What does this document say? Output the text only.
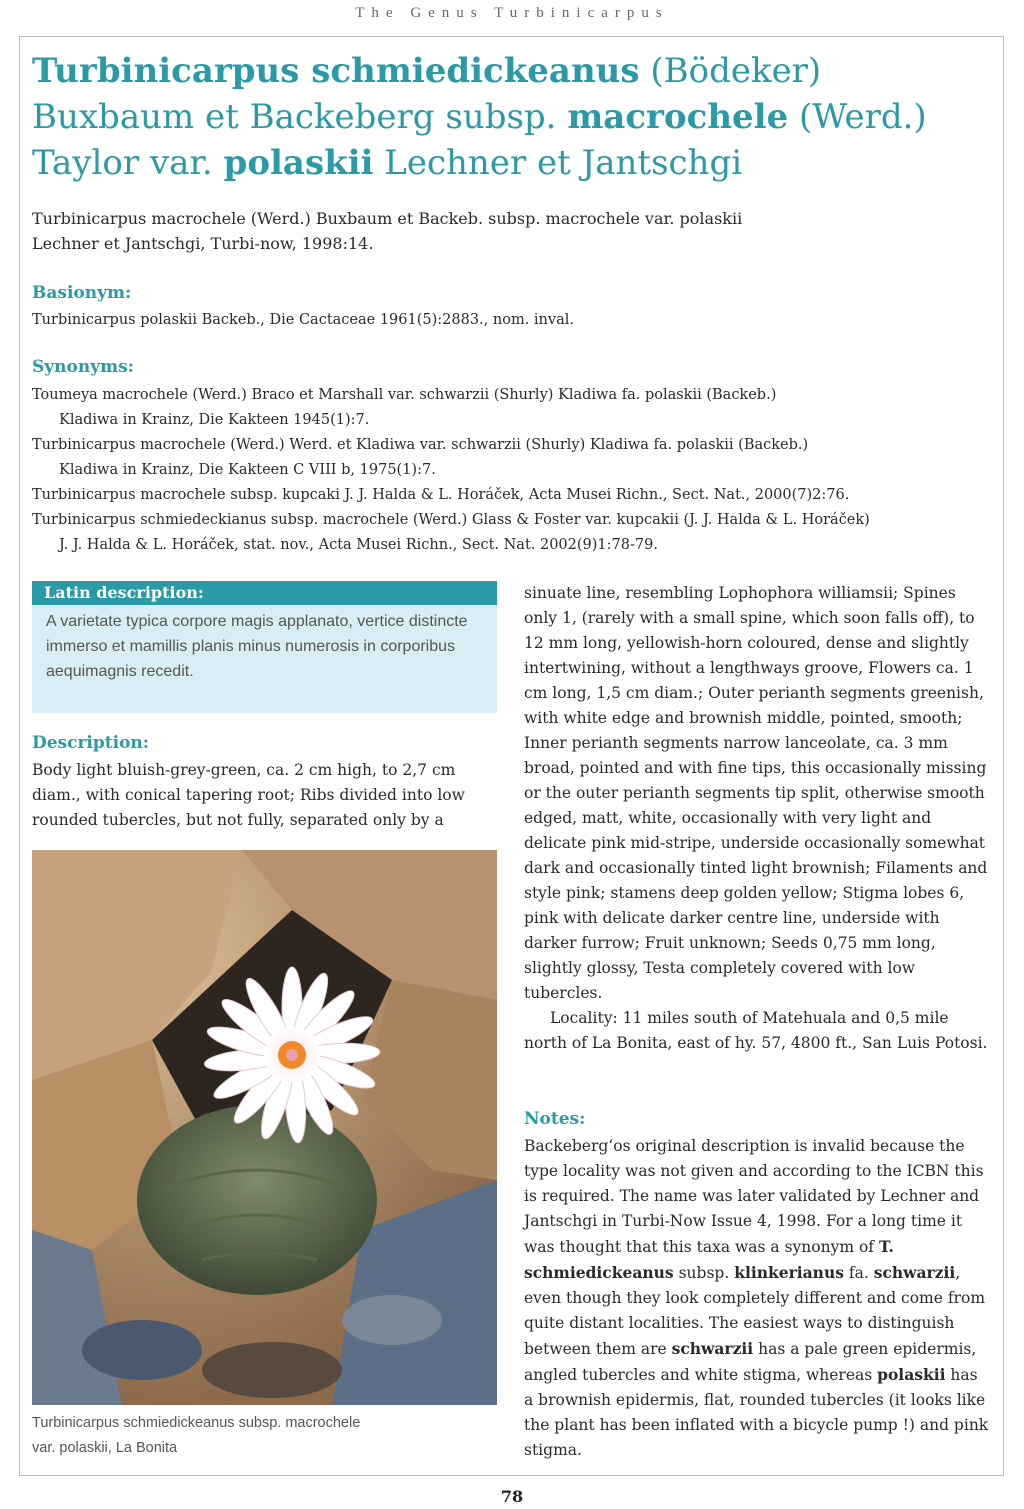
The Genus Turbinicarpus
Turbinicarpus schmiedickeanus (Bödeker)
Buxbaum et Backeberg subsp. macrochele (Werd.)
Taylor var. polaskii Lechner et Jantschgi
Turbinicarpus macrochele (Werd.) Buxbaum et Backeb. subsp. macrochele var. polaskii
Lechner et Jantschgi, Turbi-now, 1998:14.
Basionym:
Turbinicarpus polaskii Backeb., Die Cactaceae 1961(5):2883., nom. inval.
Synonyms:
Toumeya macrochele (Werd.) Braco et Marshall var. schwarzii (Shurly) Kladiwa fa. polaskii (Backeb.)
Kladiwa in Krainz, Die Kakteen 1945(1):7.
Turbinicarpus macrochele (Werd.) Werd. et Kladiwa var. schwarzii (Shurly) Kladiwa fa. polaskii (Backeb.)
Kladiwa in Krainz, Die Kakteen C VIII b, 1975(1):7.
Turbinicarpus macrochele subsp. kupcaki J. J. Halda & L. Horáček, Acta Musei Richn., Sect. Nat., 2000(7)2:76.
Turbinicarpus schmiedeckianus subsp. macrochele (Werd.) Glass & Foster var. kupcakii (J. J. Halda & L. Horáček)
J. J. Halda & L. Horáček, stat. nov., Acta Musei Richn., Sect. Nat. 2002(9)1:78-79.
Latin description:
A varietate typica corpore magis applanato, vertice distincte immerso et mamillis planis minus numerosis in corporibus aequimagnis recedit.
Description:
Body light bluish-grey-green, ca. 2 cm high, to 2,7 cm diam., with conical tapering root; Ribs divided into low rounded tubercles, but not fully, separated only by a
Turbinicarpus schmiedickeanus subsp. macrochele
var. polaskii, La Bonita

sinuate line, resembling Lophophora williamsii; Spines only 1, (rarely with a small spine, which soon falls off), to 12 mm long, yellowish-horn coloured, dense and slightly intertwining, without a lengthways groove, Flowers ca. 1 cm long, 1,5 cm diam.; Outer perianth segments greenish, with white edge and brownish middle, pointed, smooth; Inner perianth segments narrow lanceolate, ca. 3 mm broad, pointed and with fine tips, this occasionally missing or the outer perianth segments tip split, otherwise smooth edged, matt, white, occasionally with very light and delicate pink mid-stripe, underside occasionally somewhat dark and occasionally tinted light brownish; Filaments and style pink; stamens deep golden yellow; Stigma lobes 6, pink with delicate darker centre line, underside with darker furrow; Fruit unknown; Seeds 0,75 mm long, slightly glossy, Testa completely covered with low tubercles.

Locality: 11 miles south of Matehuala and 0,5 mile north of La Bonita, east of hy. 57, 4800 ft., San Luis Potosi.

Notes:
Backeberg‘os original description is invalid because the type locality was not given and according to the ICBN this is required. The name was later validated by Lechner and Jantschgi in Turbi-Now Issue 4, 1998. For a long time it was thought that this taxa was a synonym of T. schmiedickeanus subsp. klinkerianus fa. schwarzii, even though they look completely different and come from quite distant localities. The easiest ways to distinguish between them are schwarzii has a pale green epidermis, angled tubercles and white stigma, whereas polaskii has a brownish epidermis, flat, rounded tubercles (it looks like the plant has been inflated with a bicycle pump !) and pink stigma.
78
